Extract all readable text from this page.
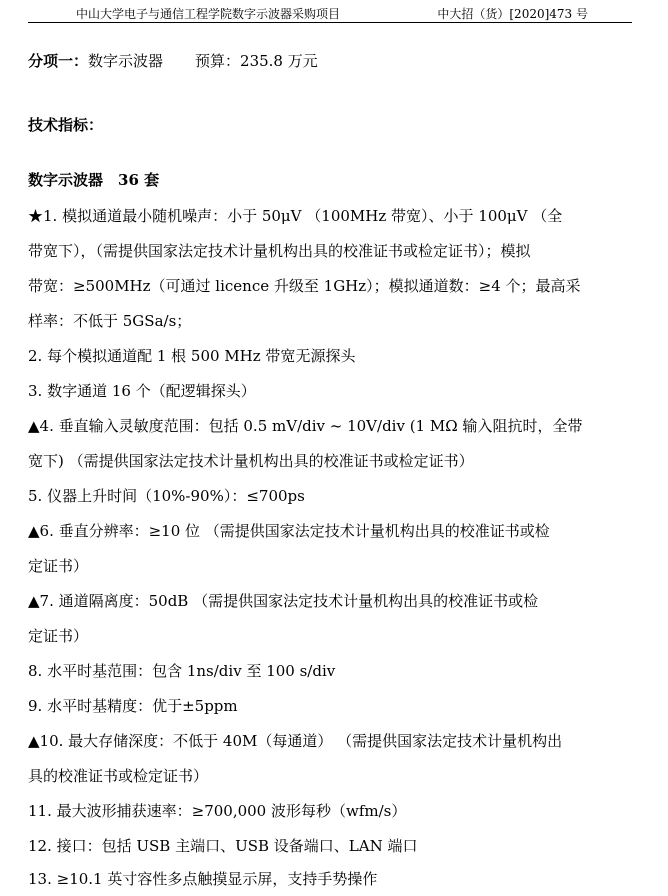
中山大学电子与通信工程学院数字示波器采购项目	中大招（货）[2020]473 号
分项一：数字示波器 预算：235.8 万元
技术指标：
数字示波器　36 套
★1. 模拟通道最小随机噪声：小于 50μV （100MHz 带宽）、小于 100μV （全
带宽下），（需提供国家法定技术计量机构出具的校准证书或检定证书）；模拟
带宽：≥500MHz（可通过 licence 升级至 1GHz）；模拟通道数：≥4 个；最高采
样率：不低于 5GSa/s；
2. 每个模拟通道配 1 根 500 MHz 带宽无源探头
3. 数字通道 16 个（配逻辑探头）
▲4. 垂直输入灵敏度范围：包括 0.5 mV/div ~ 10V/div (1 MΩ 输入阻抗时，全带
宽下) （需提供国家法定技术计量机构出具的校准证书或检定证书）
5. 仪器上升时间（10%-90%）：≤700ps
▲6. 垂直分辨率：≥10 位 （需提供国家法定技术计量机构出具的校准证书或检
定证书）
▲7. 通道隔离度：50dB （需提供国家法定技术计量机构出具的校准证书或检
定证书）
8. 水平时基范围：包含 1ns/div 至 100 s/div
9. 水平时基精度：优于±5ppm
▲10. 最大存储深度：不低于 40M（每通道） （需提供国家法定技术计量机构出
具的校准证书或检定证书）
11. 最大波形捕获速率：≥700,000 波形每秒（wfm/s）
12. 接口：包括 USB 主端口、USB 设备端口、LAN 端口
13. ≥10.1 英寸容性多点触摸显示屏，支持手势操作
